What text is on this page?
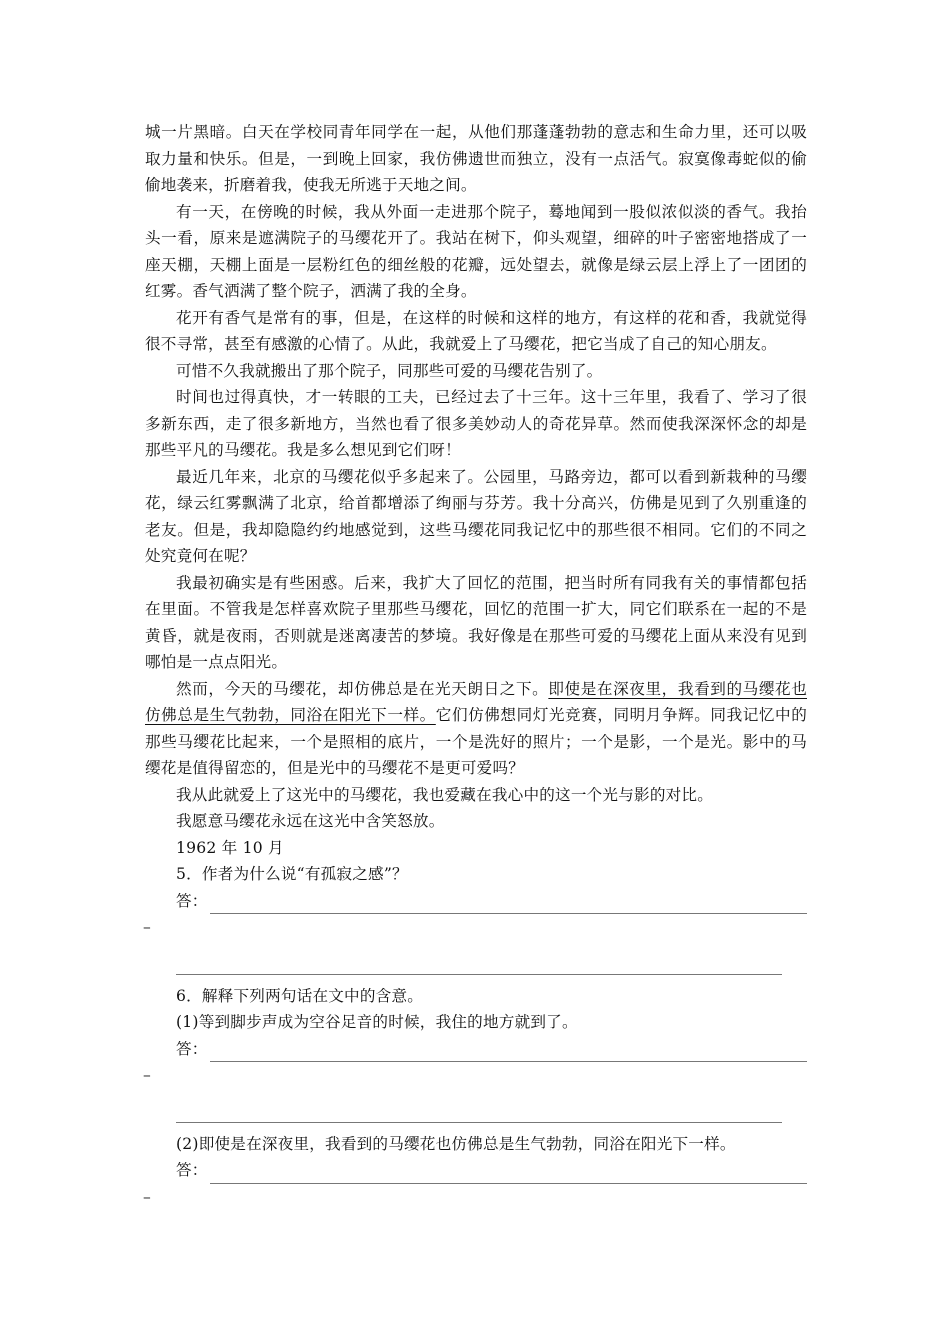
城一片黑暗。白天在学校同青年同学在一起，从他们那蓬蓬勃勃的意志和生命力里，还可以吸取力量和快乐。但是，一到晚上回家，我仿佛遗世而独立，没有一点活气。寂寞像毒蛇似的偷偷地袭来，折磨着我，使我无所逃于天地之间。

有一天，在傍晚的时候，我从外面一走进那个院子，蓦地闻到一股似浓似淡的香气。我抬头一看，原来是遮满院子的马缨花开了。我站在树下，仰头观望，细碎的叶子密密地搭成了一座天棚，天棚上面是一层粉红色的细丝般的花瓣，远处望去，就像是绿云层上浮上了一团团的红雾。香气洒满了整个院子，洒满了我的全身。

花开有香气是常有的事，但是，在这样的时候和这样的地方，有这样的花和香，我就觉得很不寻常，甚至有感激的心情了。从此，我就爱上了马缨花，把它当成了自己的知心朋友。

可惜不久我就搬出了那个院子，同那些可爱的马缨花告别了。

时间也过得真快，才一转眼的工夫，已经过去了十三年。这十三年里，我看了、学习了很多新东西，走了很多新地方，当然也看了很多美妙动人的奇花异草。然而使我深深怀念的却是那些平凡的马缨花。我是多么想见到它们呀！

最近几年来，北京的马缨花似乎多起来了。公园里，马路旁边，都可以看到新栽种的马缨花，绿云红雾飘满了北京，给首都增添了绚丽与芬芳。我十分高兴，仿佛是见到了久别重逢的老友。但是，我却隐隐约约地感觉到，这些马缨花同我记忆中的那些很不相同。它们的不同之处究竟何在呢？

我最初确实是有些困惑。后来，我扩大了回忆的范围，把当时所有同我有关的事情都包括在里面。不管我是怎样喜欢院子里那些马缨花，回忆的范围一扩大，同它们联系在一起的不是黄昏，就是夜雨，否则就是迷离凄苦的梦境。我好像是在那些可爱的马缨花上面从来没有见到哪怕是一点点阳光。

然而，今天的马缨花，却仿佛总是在光天朗日之下。即使是在深夜里，我看到的马缨花也仿佛总是生气勃勃，同浴在阳光下一样。它们仿佛想同灯光竞赛，同明月争辉。同我记忆中的那些马缨花比起来，一个是照相的底片，一个是洗好的照片；一个是影，一个是光。影中的马缨花是值得留恋的，但是光中的马缨花不是更可爱吗？

我从此就爱上了这光中的马缨花，我也爱藏在我心中的这一个光与影的对比。

我愿意马缨花永远在这光中含笑怒放。

1962 年 10 月

5．作者为什么说“有孤寂之感”？

答：
–

6．解释下列两句话在文中的含意。

(1)等到脚步声成为空谷足音的时候，我住的地方就到了。

答：
–

(2)即使是在深夜里，我看到的马缨花也仿佛总是生气勃勃，同浴在阳光下一样。

答：
–
